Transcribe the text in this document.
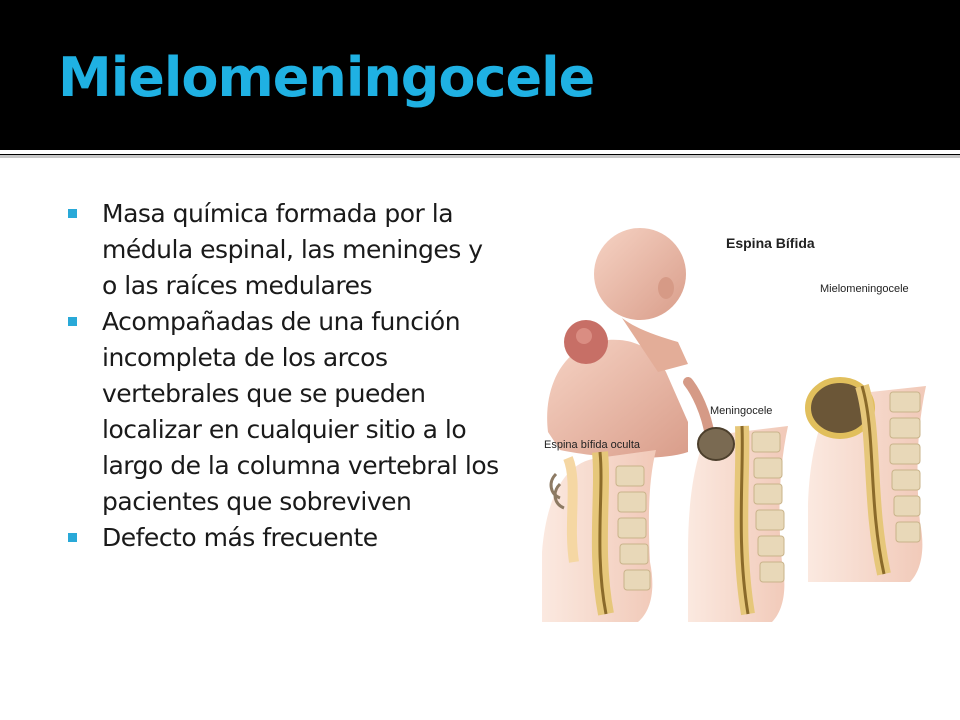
Mielomeningocele
Masa química formada por la médula espinal, las meninges y o las raíces medulares
Acompañadas de una función incompleta de los arcos vertebrales que se pueden localizar en cualquier sitio a lo largo de la columna vertebral los pacientes que sobreviven
Defecto más frecuente
Espina Bífida
Espina bífida oculta
Meningocele
Mielomeningocele
